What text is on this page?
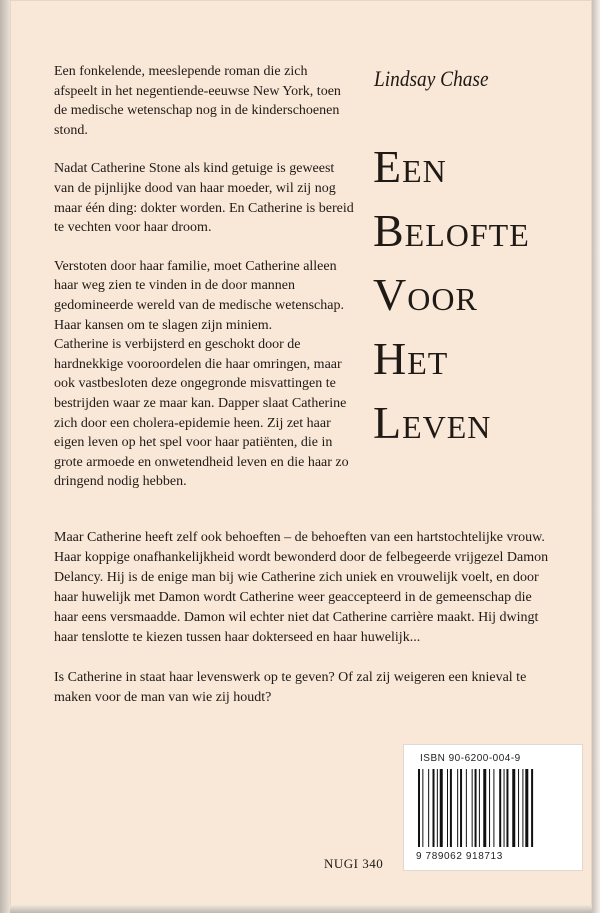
Een fonkelende, meeslepende roman die zich afspeelt in het negentiende-eeuwse New York, toen de medische wetenschap nog in de kinderschoenen stond.

Nadat Catherine Stone als kind getuige is geweest van de pijnlijke dood van haar moeder, wil zij nog maar één ding: dokter worden. En Catherine is bereid te vechten voor haar droom.

Verstoten door haar familie, moet Catherine alleen haar weg zien te vinden in de door mannen gedomineerde wereld van de medische wetenschap. Haar kansen om te slagen zijn miniem.

Catherine is verbijsterd en geschokt door de hardnekkige vooroordelen die haar omringen, maar ook vastbesloten deze ongegronde misvattingen te bestrijden waar ze maar kan. Dapper slaat Catherine zich door een cholera-epidemie heen. Zij zet haar eigen leven op het spel voor haar patiënten, die in grote armoede en onwetendheid leven en die haar zo dringend nodig hebben.

Lindsay Chase
Een
Belofte
Voor
Het
Leven

Maar Catherine heeft zelf ook behoeften – de behoeften van een hartstochtelijke vrouw. Haar koppige onafhankelijkheid wordt bewonderd door de felbegeerde vrijgezel Damon Delancy. Hij is de enige man bij wie Catherine zich uniek en vrouwelijk voelt, en door haar huwelijk met Damon wordt Catherine weer geaccepteerd in de gemeenschap die haar eens versmaadde. Damon wil echter niet dat Catherine carrière maakt. Hij dwingt haar tenslotte te kiezen tussen haar dokterseed en haar huwelijk...

Is Catherine in staat haar levenswerk op te geven? Of zal zij weigeren een knieval te maken voor de man van wie zij houdt?

NUGI 340
ISBN 90-6200-004-9
9 789062 918713
